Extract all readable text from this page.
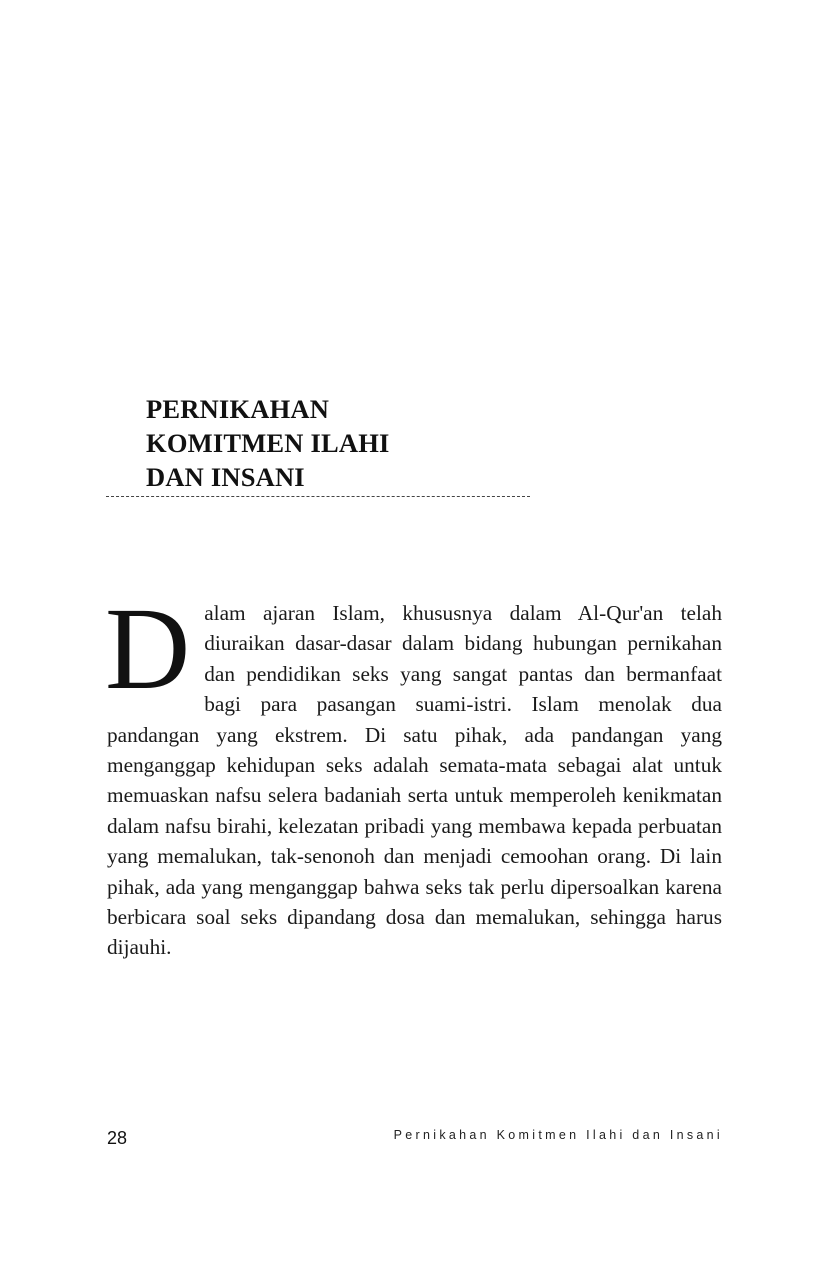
PERNIKAHAN
KOMITMEN ILAHI
DAN INSANI

Dalam ajaran Islam, khususnya dalam Al-Qur'an telah diuraikan dasar-dasar dalam bidang hubungan pernikahan dan pendidikan seks yang sangat pantas dan bermanfaat bagi para pasangan suami-istri. Islam menolak dua pandangan yang ekstrem. Di satu pihak, ada pandangan yang menganggap kehidupan seks adalah semata-mata sebagai alat untuk memuaskan nafsu selera badaniah serta untuk memperoleh kenikmatan dalam nafsu birahi, kelezatan pribadi yang membawa kepada perbuatan yang memalukan, tak-senonoh dan menjadi cemoohan orang. Di lain pihak, ada yang menganggap bahwa seks tak perlu dipersoalkan karena berbicara soal seks dipandang dosa dan memalukan, sehingga harus dijauhi.

28	Pernikahan Komitmen Ilahi dan Insani
